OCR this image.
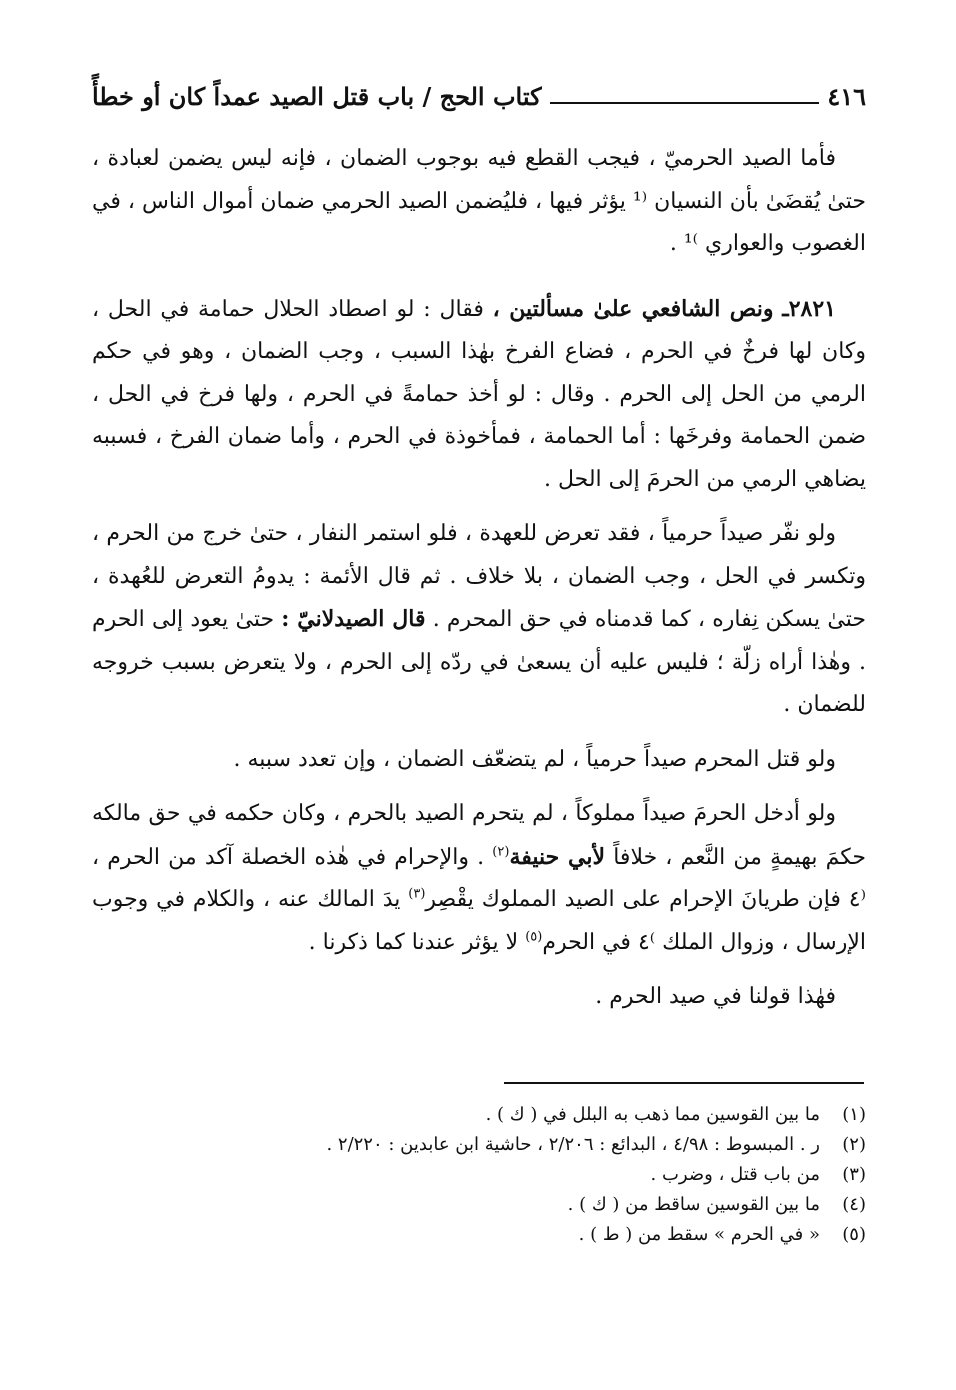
٤١٦
كتاب الحج / باب قتل الصيد عمداً كان أو خطأً

فأما الصيد الحرميّ ، فيجب القطع فيه بوجوب الضمان ، فإنه ليس يضمن لعبادة ، حتىٰ يُقضَىٰ بأن النسيان ⁽¹ يؤثر فيها ، فليُضمن الصيد الحرمي ضمان أموال الناس ، في الغصوب والعواري ⁾¹ .

٢٨٢١ـ ونص الشافعي علىٰ مسألتين ، فقال : لو اصطاد الحلال حمامة في الحل ، وكان لها فرخٌ في الحرم ، فضاع الفرخ بهٰذا السبب ، وجب الضمان ، وهو في حكم الرمي من الحل إلى الحرم . وقال : لو أخذ حمامةً في الحرم ، ولها فرخ في الحل ، ضمن الحمامة وفرخَها : أما الحمامة ، فمأخوذة في الحرم ، وأما ضمان الفرخ ، فسببه يضاهي الرمي من الحرمَ إلى الحل .

ولو نفّر صيداً حرمياً ، فقد تعرض للعهدة ، فلو استمر النفار ، حتىٰ خرج من الحرم ، وتكسر في الحل ، وجب الضمان ، بلا خلاف . ثم قال الأئمة : يدومُ التعرض للعُهدة ، حتىٰ يسكن نِفاره ، كما قدمناه في حق المحرم . قال الصيدلانيّ : حتىٰ يعود إلى الحرم . وهٰذا أراه زلّة ؛ فليس عليه أن يسعىٰ في ردّه إلى الحرم ، ولا يتعرض بسبب خروجه للضمان .

ولو قتل المحرم صيداً حرمياً ، لم يتضعّف الضمان ، وإن تعدد سببه .

ولو أدخل الحرمَ صيداً مملوكاً ، لم يتحرم الصيد بالحرم ، وكان حكمه في حق مالكه حكمَ بهيمةٍ من النَّعم ، خلافاً لأبي حنيفة$^{(٢)}$ . والإحرام في هٰذه الخصلة آكد من الحرم ، ⁽٤ فإن طريانَ الإحرام على الصيد المملوك يقْصِر$^{(٣)}$ يدَ المالك عنه ، والكلام في وجوب الإرسال ، وزوال الملك ⁾٤ في الحرم$^{(٥)}$ لا يؤثر عندنا كما ذكرنا .

فهٰذا قولنا في صيد الحرم .

(١)
ما بين القوسين مما ذهب به البلل في ( ك ) .
(٢)
ر . المبسوط : ٤/٩٨ ، البدائع : ٢/٢٠٦ ، حاشية ابن عابدين : ٢/٢٢٠ .
(٣)
من باب قتل ، وضرب .
(٤)
ما بين القوسين ساقط من ( ك ) .
(٥)
« في الحرم » سقط من ( ط ) .
